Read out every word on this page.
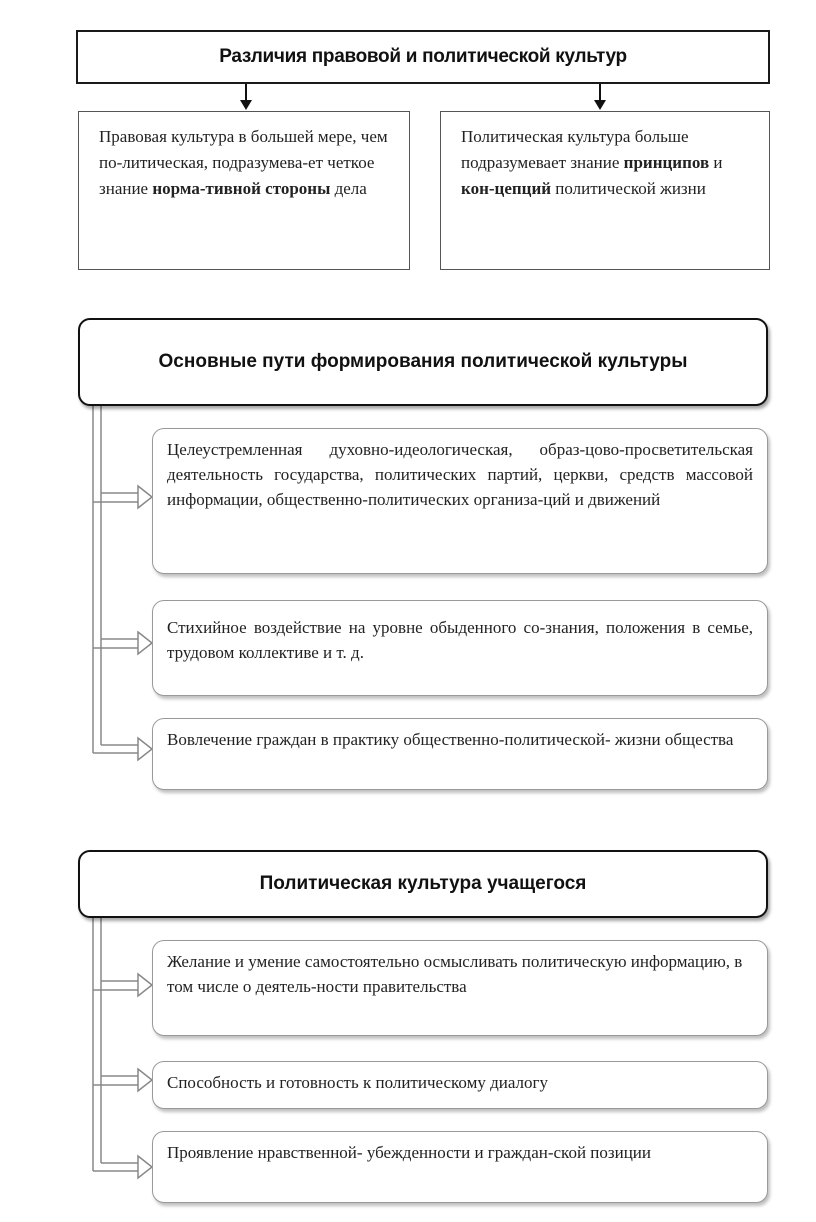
Различия правовой и политической культур

Правовая культура в большей мере, чем по-литическая, подразумева-ет четкое знание норма-тивной стороны дела

Политическая культура больше подразумевает знание принципов и кон-цепций политической жизни

Основные пути формирования политической культуры

Целеустремленная духовно-идеологическая, образ-цово-просветительская деятельность государства, политических партий, церкви, средств массовой информации, общественно-политических организа-ций и движений

Стихийное воздействие на уровне обыденного со-знания, положения в семье, трудовом коллективе и т. д.

Вовлечение граждан в практику общественно-политической- жизни общества

Политическая культура учащегося

Желание и умение самостоятельно осмысливать политическую информацию, в том числе о деятель-ности правительства

Способность и готовность к политическому диалогу

Проявление нравственной- убежденности и граждан-ской позиции
